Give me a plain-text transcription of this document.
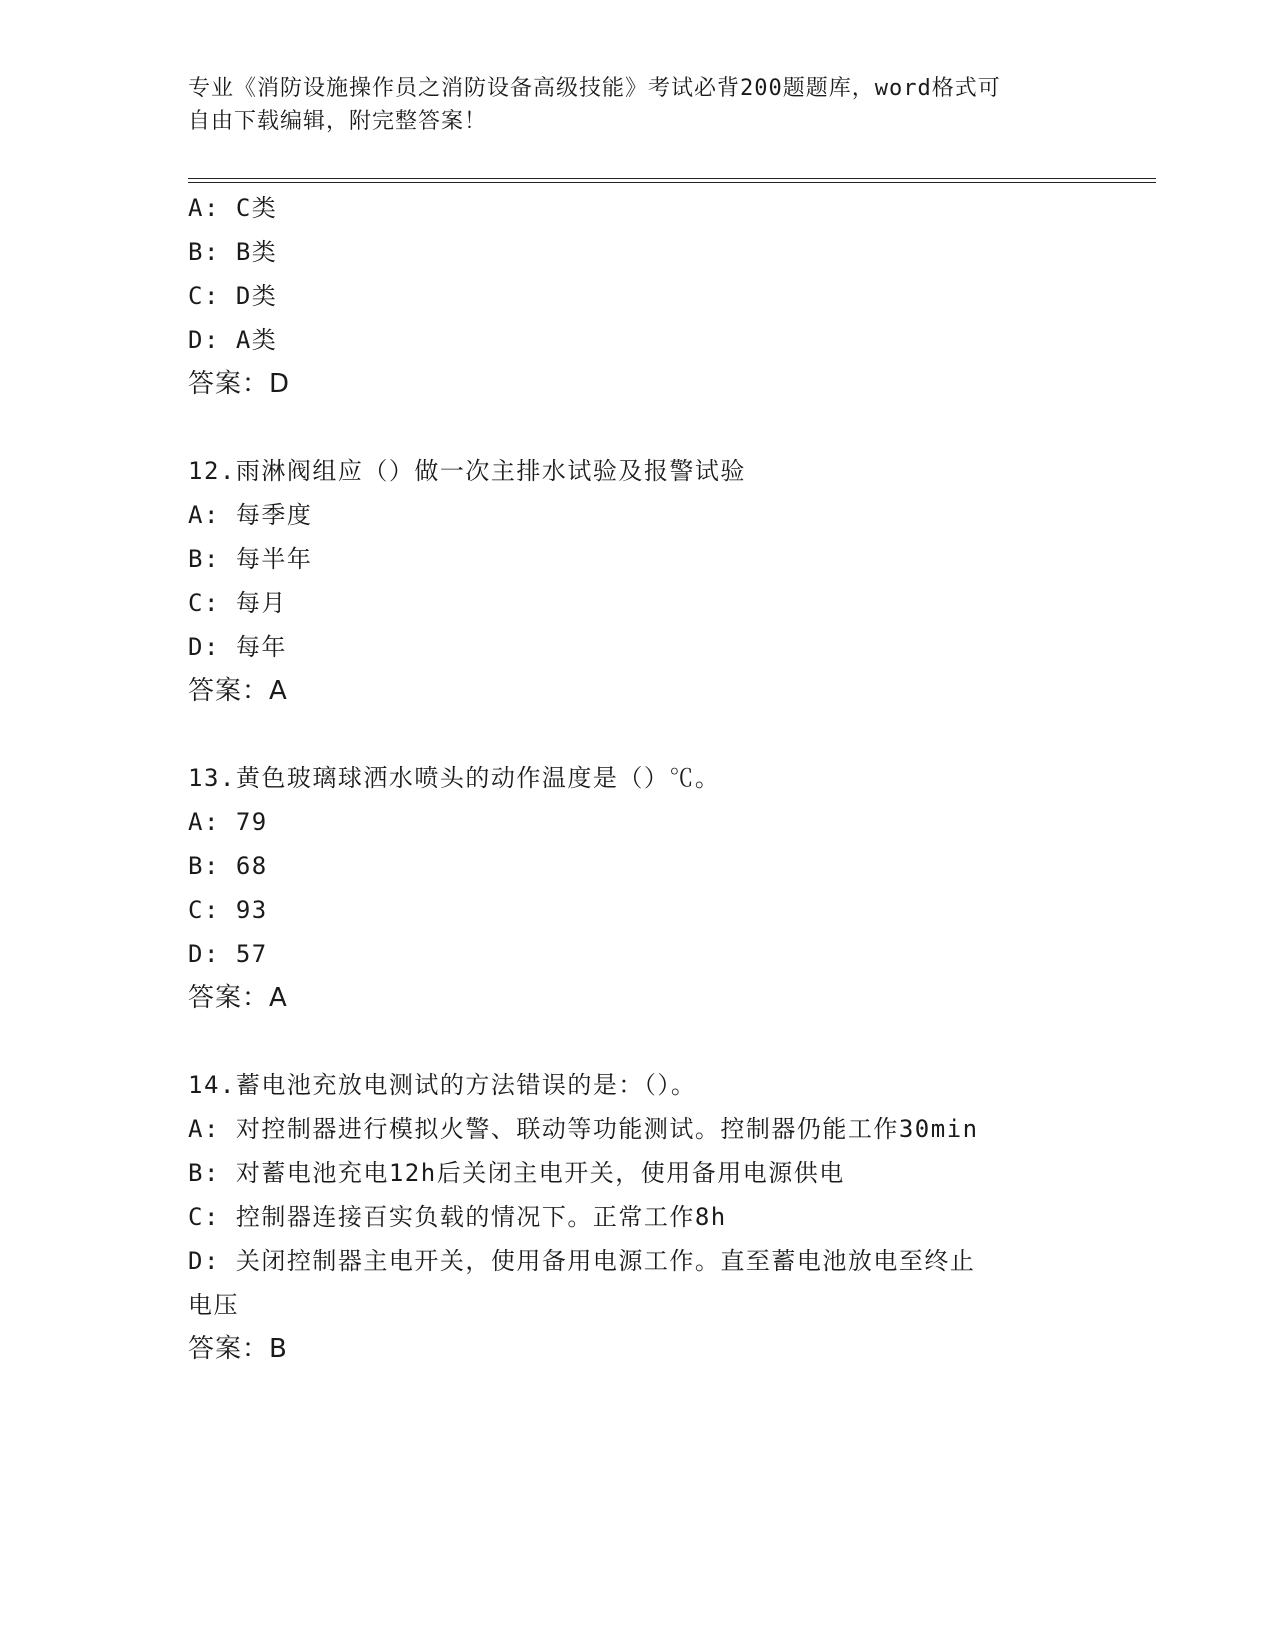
专业《消防设施操作员之消防设备高级技能》考试必背200题题库，word格式可
自由下载编辑，附完整答案！
A: C类
B: B类
C: D类
D: A类
答案：D
12.雨淋阀组应（）做一次主排水试验及报警试验
A: 每季度
B: 每半年
C: 每月
D: 每年
答案：A
13.黄色玻璃球洒水喷头的动作温度是（）℃。
A: 79
B: 68
C: 93
D: 57
答案：A
14.蓄电池充放电测试的方法错误的是：（）。
A: 对控制器进行模拟火警、联动等功能测试。控制器仍能工作30min
B: 对蓄电池充电12h后关闭主电开关，使用备用电源供电
C: 控制器连接百实负载的情况下。正常工作8h
D: 关闭控制器主电开关，使用备用电源工作。直至蓄电池放电至终止
电压
答案：B
